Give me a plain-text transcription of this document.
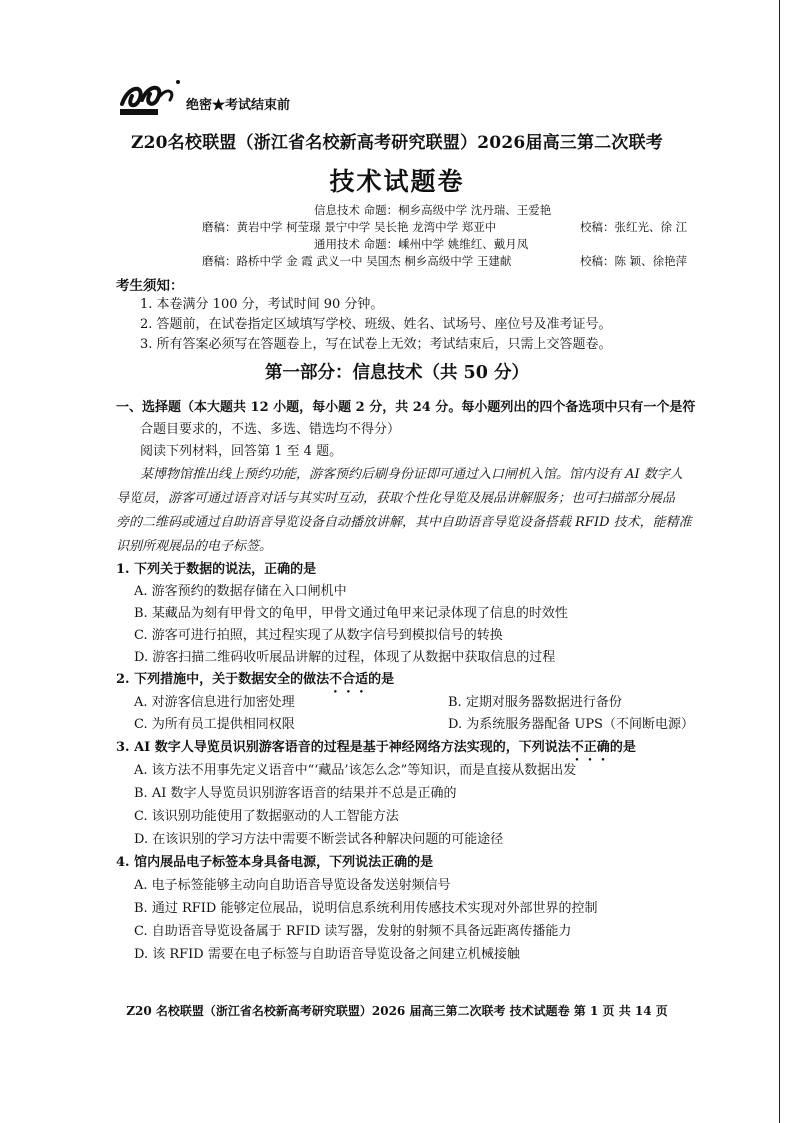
绝密★考试结束前
Z20名校联盟（浙江省名校新高考研究联盟）2026届高三第二次联考
技术试题卷
信息技术 命题：桐乡高级中学 沈丹瑞、王爱艳
磨稿：黄岩中学 柯莹璟 景宁中学 吴长艳 龙湾中学 郑亚中	校稿：张红光、徐 江
通用技术 命题：嵊州中学 姚维红、戴月凤
磨稿：路桥中学 金 霞 武义一中 吴国杰 桐乡高级中学 王建献	校稿：陈 颖、徐艳萍
考生须知：
1. 本卷满分 100 分，考试时间 90 分钟。
2. 答题前，在试卷指定区域填写学校、班级、姓名、试场号、座位号及准考证号。
3. 所有答案必须写在答题卷上，写在试卷上无效；考试结束后，只需上交答题卷。
第一部分：信息技术（共 50 分）
一、选择题（本大题共 12 小题，每小题 2 分，共 24 分。每小题列出的四个备选项中只有一个是符
合题目要求的，不选、多选、错选均不得分）
阅读下列材料，回答第 1 至 4 题。
某博物馆推出线上预约功能，游客预约后刷身份证即可通过入口闸机入馆。馆内设有 AI 数字人
导览员，游客可通过语音对话与其实时互动，获取个性化导览及展品讲解服务；也可扫描部分展品
旁的二维码或通过自助语音导览设备自动播放讲解，其中自助语音导览设备搭载 RFID 技术，能精准
识别所观展品的电子标签。
1. 下列关于数据的说法，正确的是
A. 游客预约的数据存储在入口闸机中
B. 某藏品为刻有甲骨文的龟甲，甲骨文通过龟甲来记录体现了信息的时效性
C. 游客可进行拍照，其过程实现了从数字信号到模拟信号的转换
D. 游客扫描二维码收听展品讲解的过程，体现了从数据中获取信息的过程
2. 下列措施中，关于数据安全的做法不合适的是
A. 对游客信息进行加密处理	B. 定期对服务器数据进行备份
C. 为所有员工提供相同权限	D. 为系统服务器配备 UPS（不间断电源）
3. AI 数字人导览员识别游客语音的过程是基于神经网络方法实现的，下列说法不正确的是
A. 该方法不用事先定义语音中“‘藏品’该怎么念”等知识，而是直接从数据出发
B. AI 数字人导览员识别游客语音的结果并不总是正确的
C. 该识别功能使用了数据驱动的人工智能方法
D. 在该识别的学习方法中需要不断尝试各种解决问题的可能途径
4. 馆内展品电子标签本身具备电源，下列说法正确的是
A. 电子标签能够主动向自助语音导览设备发送射频信号
B. 通过 RFID 能够定位展品，说明信息系统利用传感技术实现对外部世界的控制
C. 自助语音导览设备属于 RFID 读写器，发射的射频不具备远距离传播能力
D. 该 RFID 需要在电子标签与自助语音导览设备之间建立机械接触
Z20 名校联盟（浙江省名校新高考研究联盟）2026 届高三第二次联考 技术试题卷 第 1 页 共 14 页
